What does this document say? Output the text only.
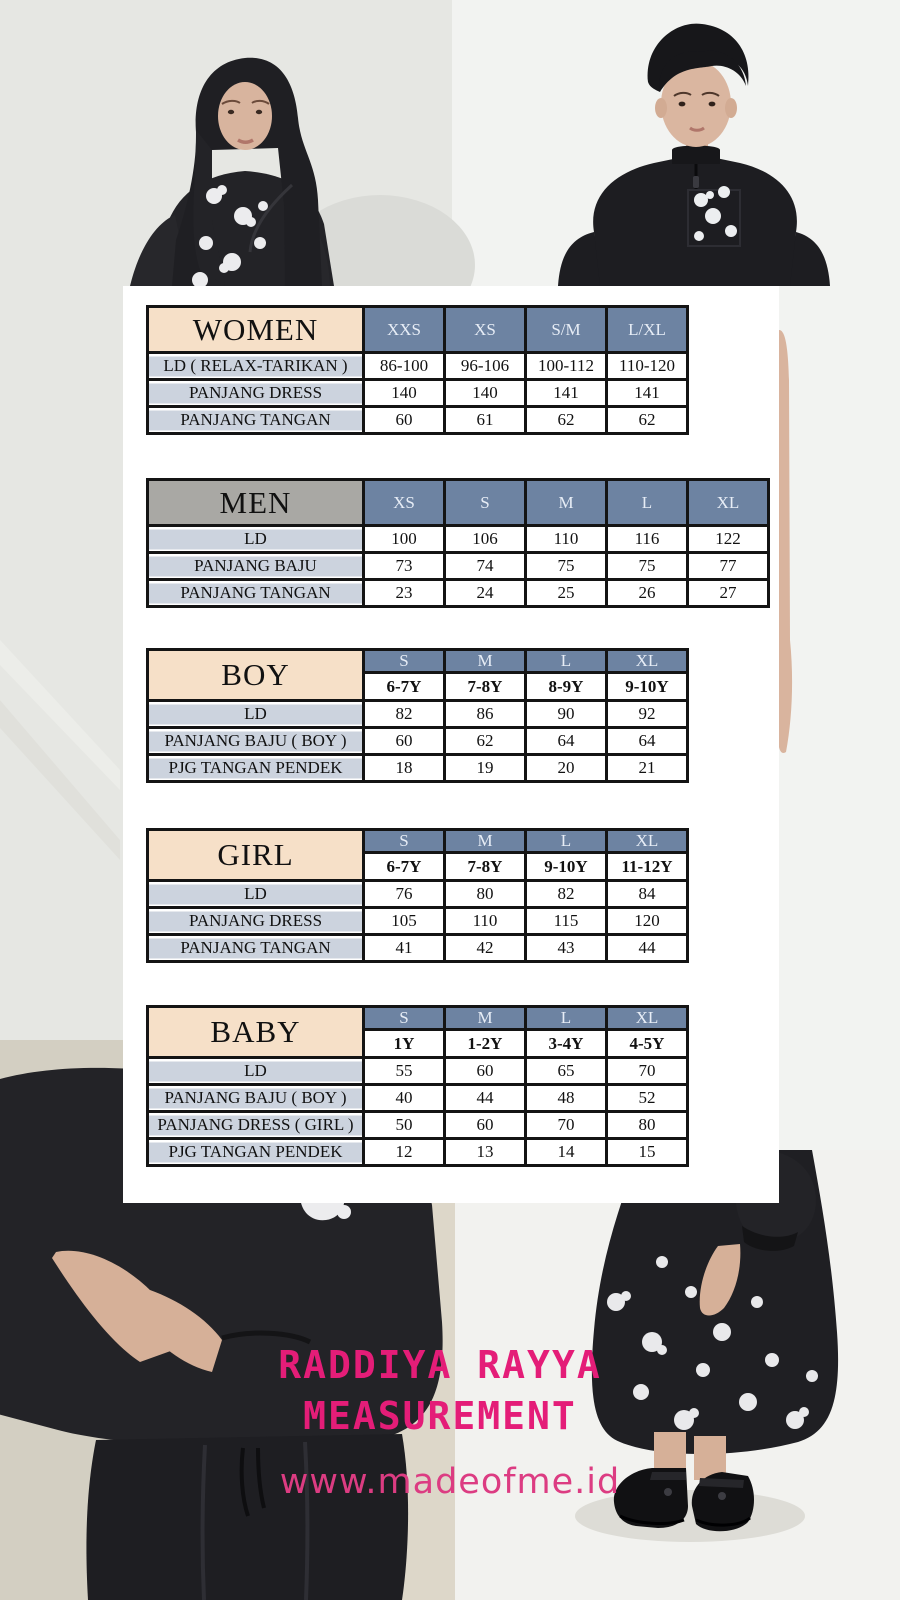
WOMEN	XXS	XS	S/M	L/XL
LD ( RELAX-TARIKAN )	86-100	96-106	100-112	110-120
PANJANG DRESS	140	140	141	141
PANJANG TANGAN	60	61	62	62
MEN	XS	S	M	L	XL
LD	100	106	110	116	122
PANJANG BAJU	73	74	75	75	77
PANJANG TANGAN	23	24	25	26	27
BOY	S	M	L	XL
	6-7Y	7-8Y	8-9Y	9-10Y
LD	82	86	90	92
PANJANG BAJU ( BOY )	60	62	64	64
PJG TANGAN PENDEK	18	19	20	21
GIRL	S	M	L	XL
	6-7Y	7-8Y	9-10Y	11-12Y
LD	76	80	82	84
PANJANG DRESS	105	110	115	120
PANJANG TANGAN	41	42	43	44
BABY	S	M	L	XL
	1Y	1-2Y	3-4Y	4-5Y
LD	55	60	65	70
PANJANG BAJU ( BOY )	40	44	48	52
PANJANG DRESS ( GIRL )	50	60	70	80
PJG TANGAN PENDEK	12	13	14	15
RADDIYA RAYYA
MEASUREMENT
www.madeofme.id
